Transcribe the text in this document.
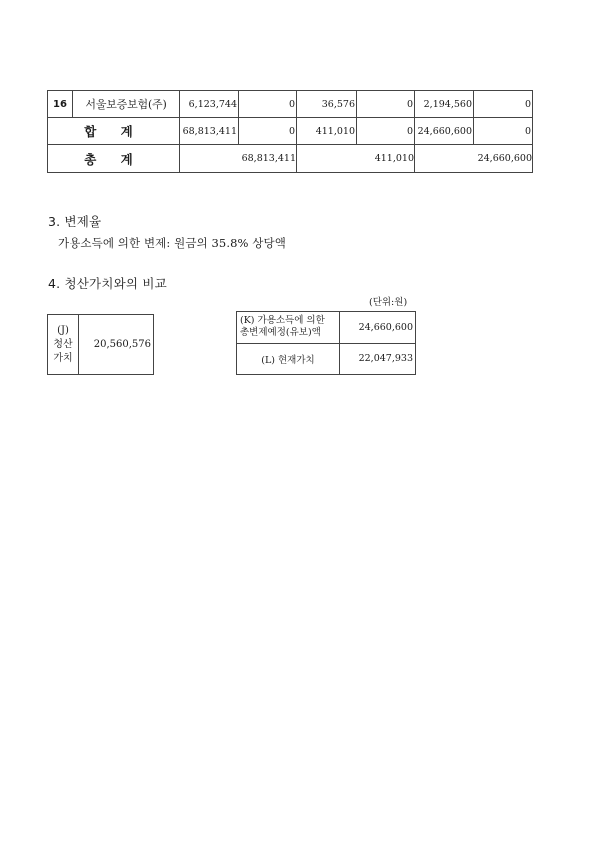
16	서울보증보험(주)	6,123,744	0	36,576	0	2,194,560	0
합 계		68,813,411	0	411,010	0	24,660,600	0
총 계		68,813,411		411,010		24,660,600	
3. 변제율

가용소득에 의한 변제: 원금의 35.8% 상당액

4. 청산가치와의 비교

(단위:원)

(J)
청산
가치	20,560,576
(K) 가용소득에 의한
총변제예정(유보)액	24,660,600
(L) 현재가치	22,047,933
